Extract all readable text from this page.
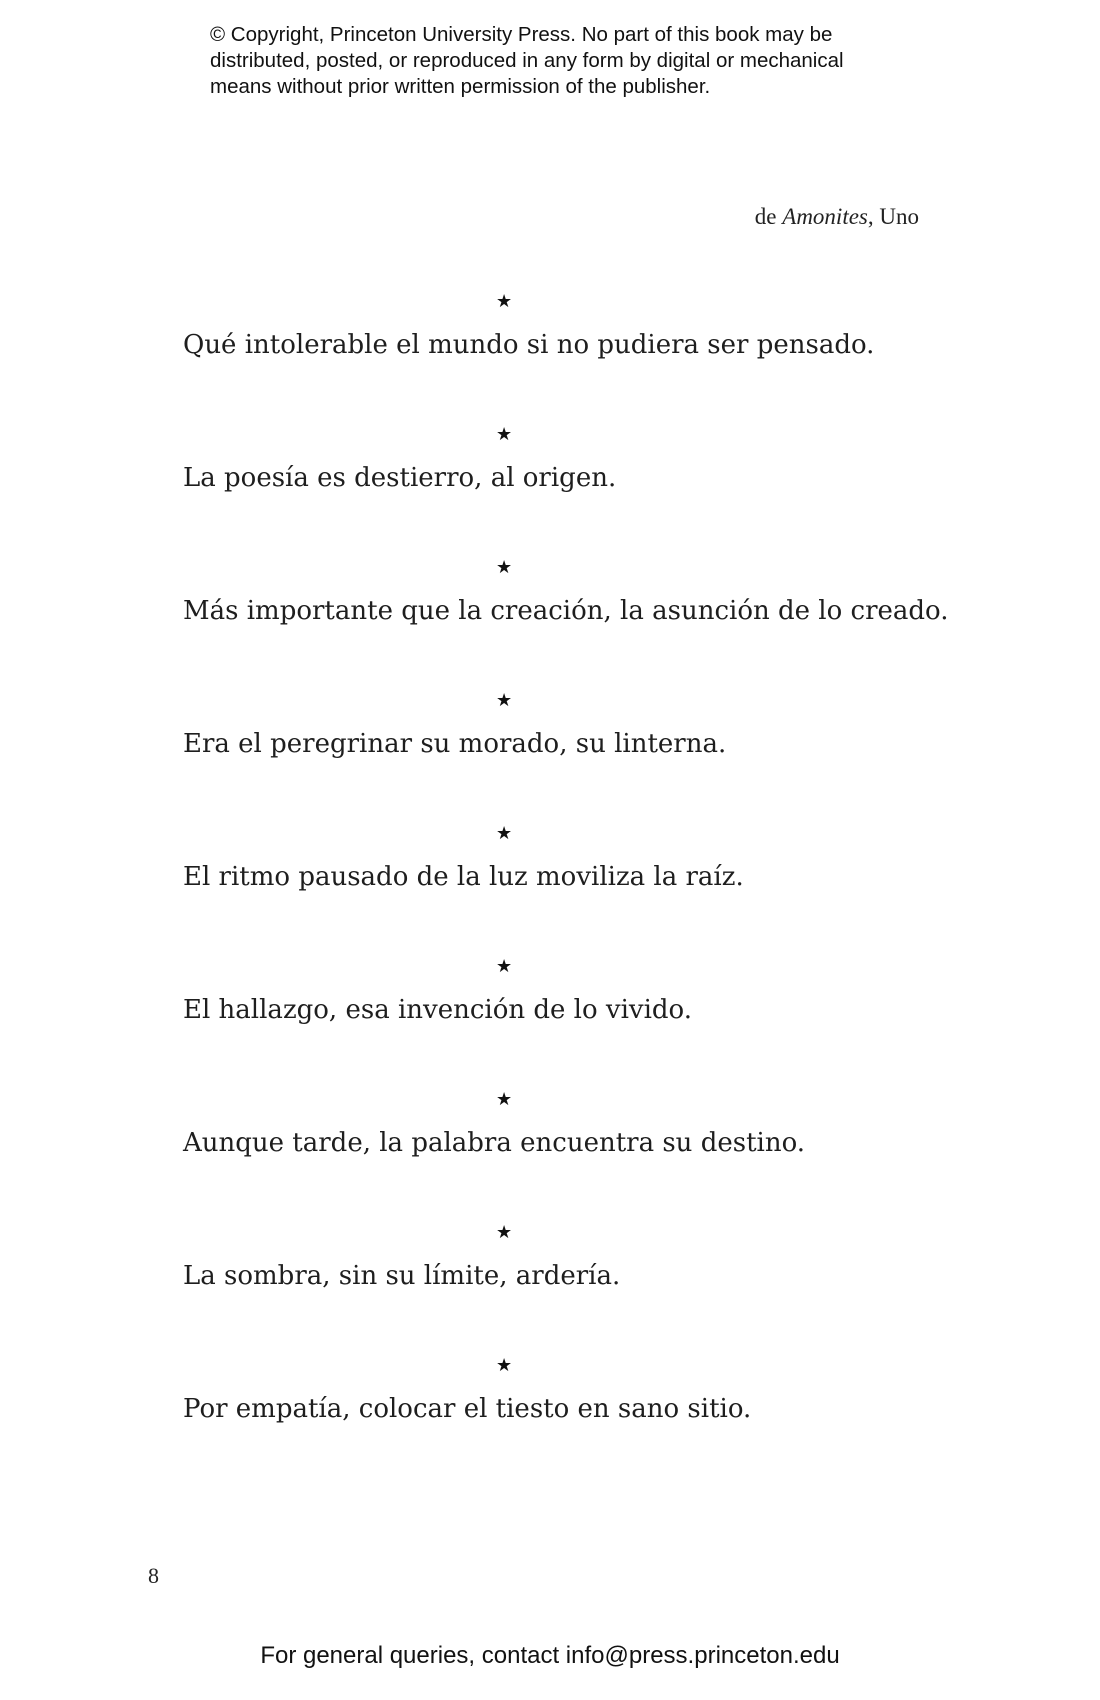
© Copyright, Princeton University Press. No part of this book may be
distributed, posted, or reproduced in any form by digital or mechanical
means without prior written permission of the publisher.
de Amonites, Uno
★
Qué intolerable el mundo si no pudiera ser pensado.
★
La poesía es destierro, al origen.
★
Más importante que la creación, la asunción de lo creado.
★
Era el peregrinar su morado, su linterna.
★
El ritmo pausado de la luz moviliza la raíz.
★
El hallazgo, esa invención de lo vivido.
★
Aunque tarde, la palabra encuentra su destino.
★
La sombra, sin su límite, ardería.
★
Por empatía, colocar el tiesto en sano sitio.
8
For general queries, contact info@press.princeton.edu
